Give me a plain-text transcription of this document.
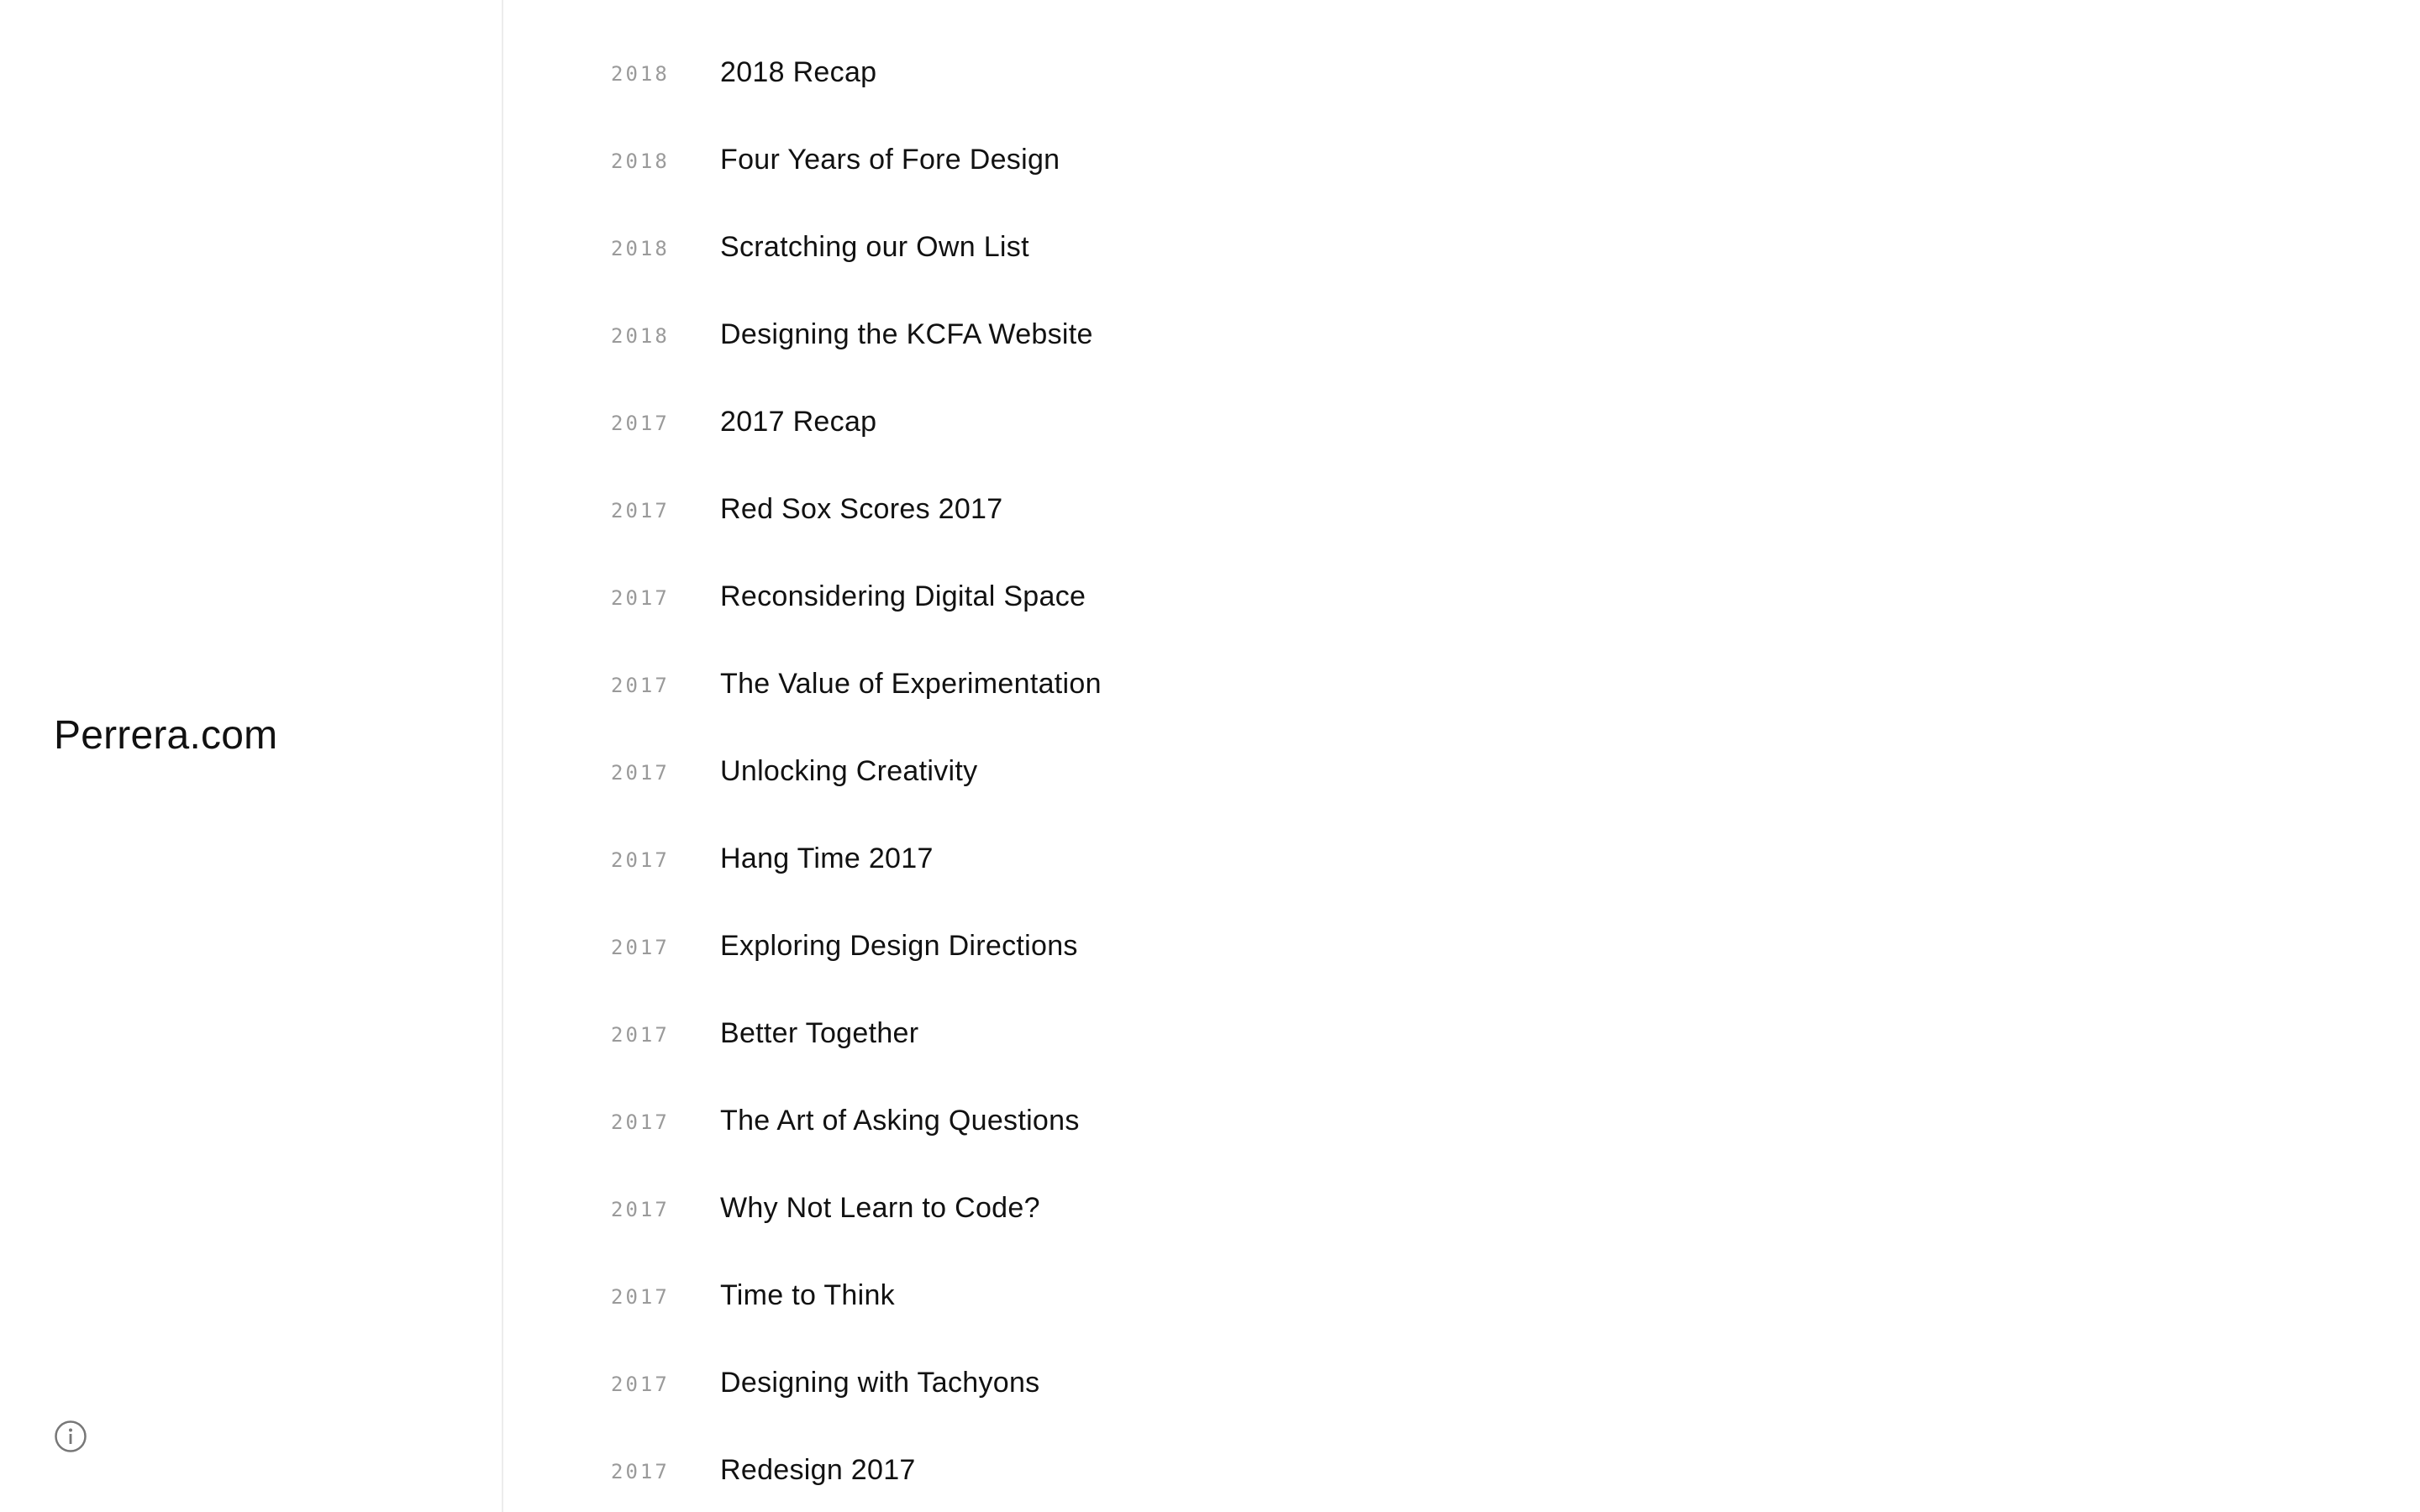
Perrera.com
2018 2018 Recap
2018 Four Years of Fore Design
2018 Scratching our Own List
2018 Designing the KCFA Website
2017 2017 Recap
2017 Red Sox Scores 2017
2017 Reconsidering Digital Space
2017 The Value of Experimentation
2017 Unlocking Creativity
2017 Hang Time 2017
2017 Exploring Design Directions
2017 Better Together
2017 The Art of Asking Questions
2017 Why Not Learn to Code?
2017 Time to Think
2017 Designing with Tachyons
2017 Redesign 2017
